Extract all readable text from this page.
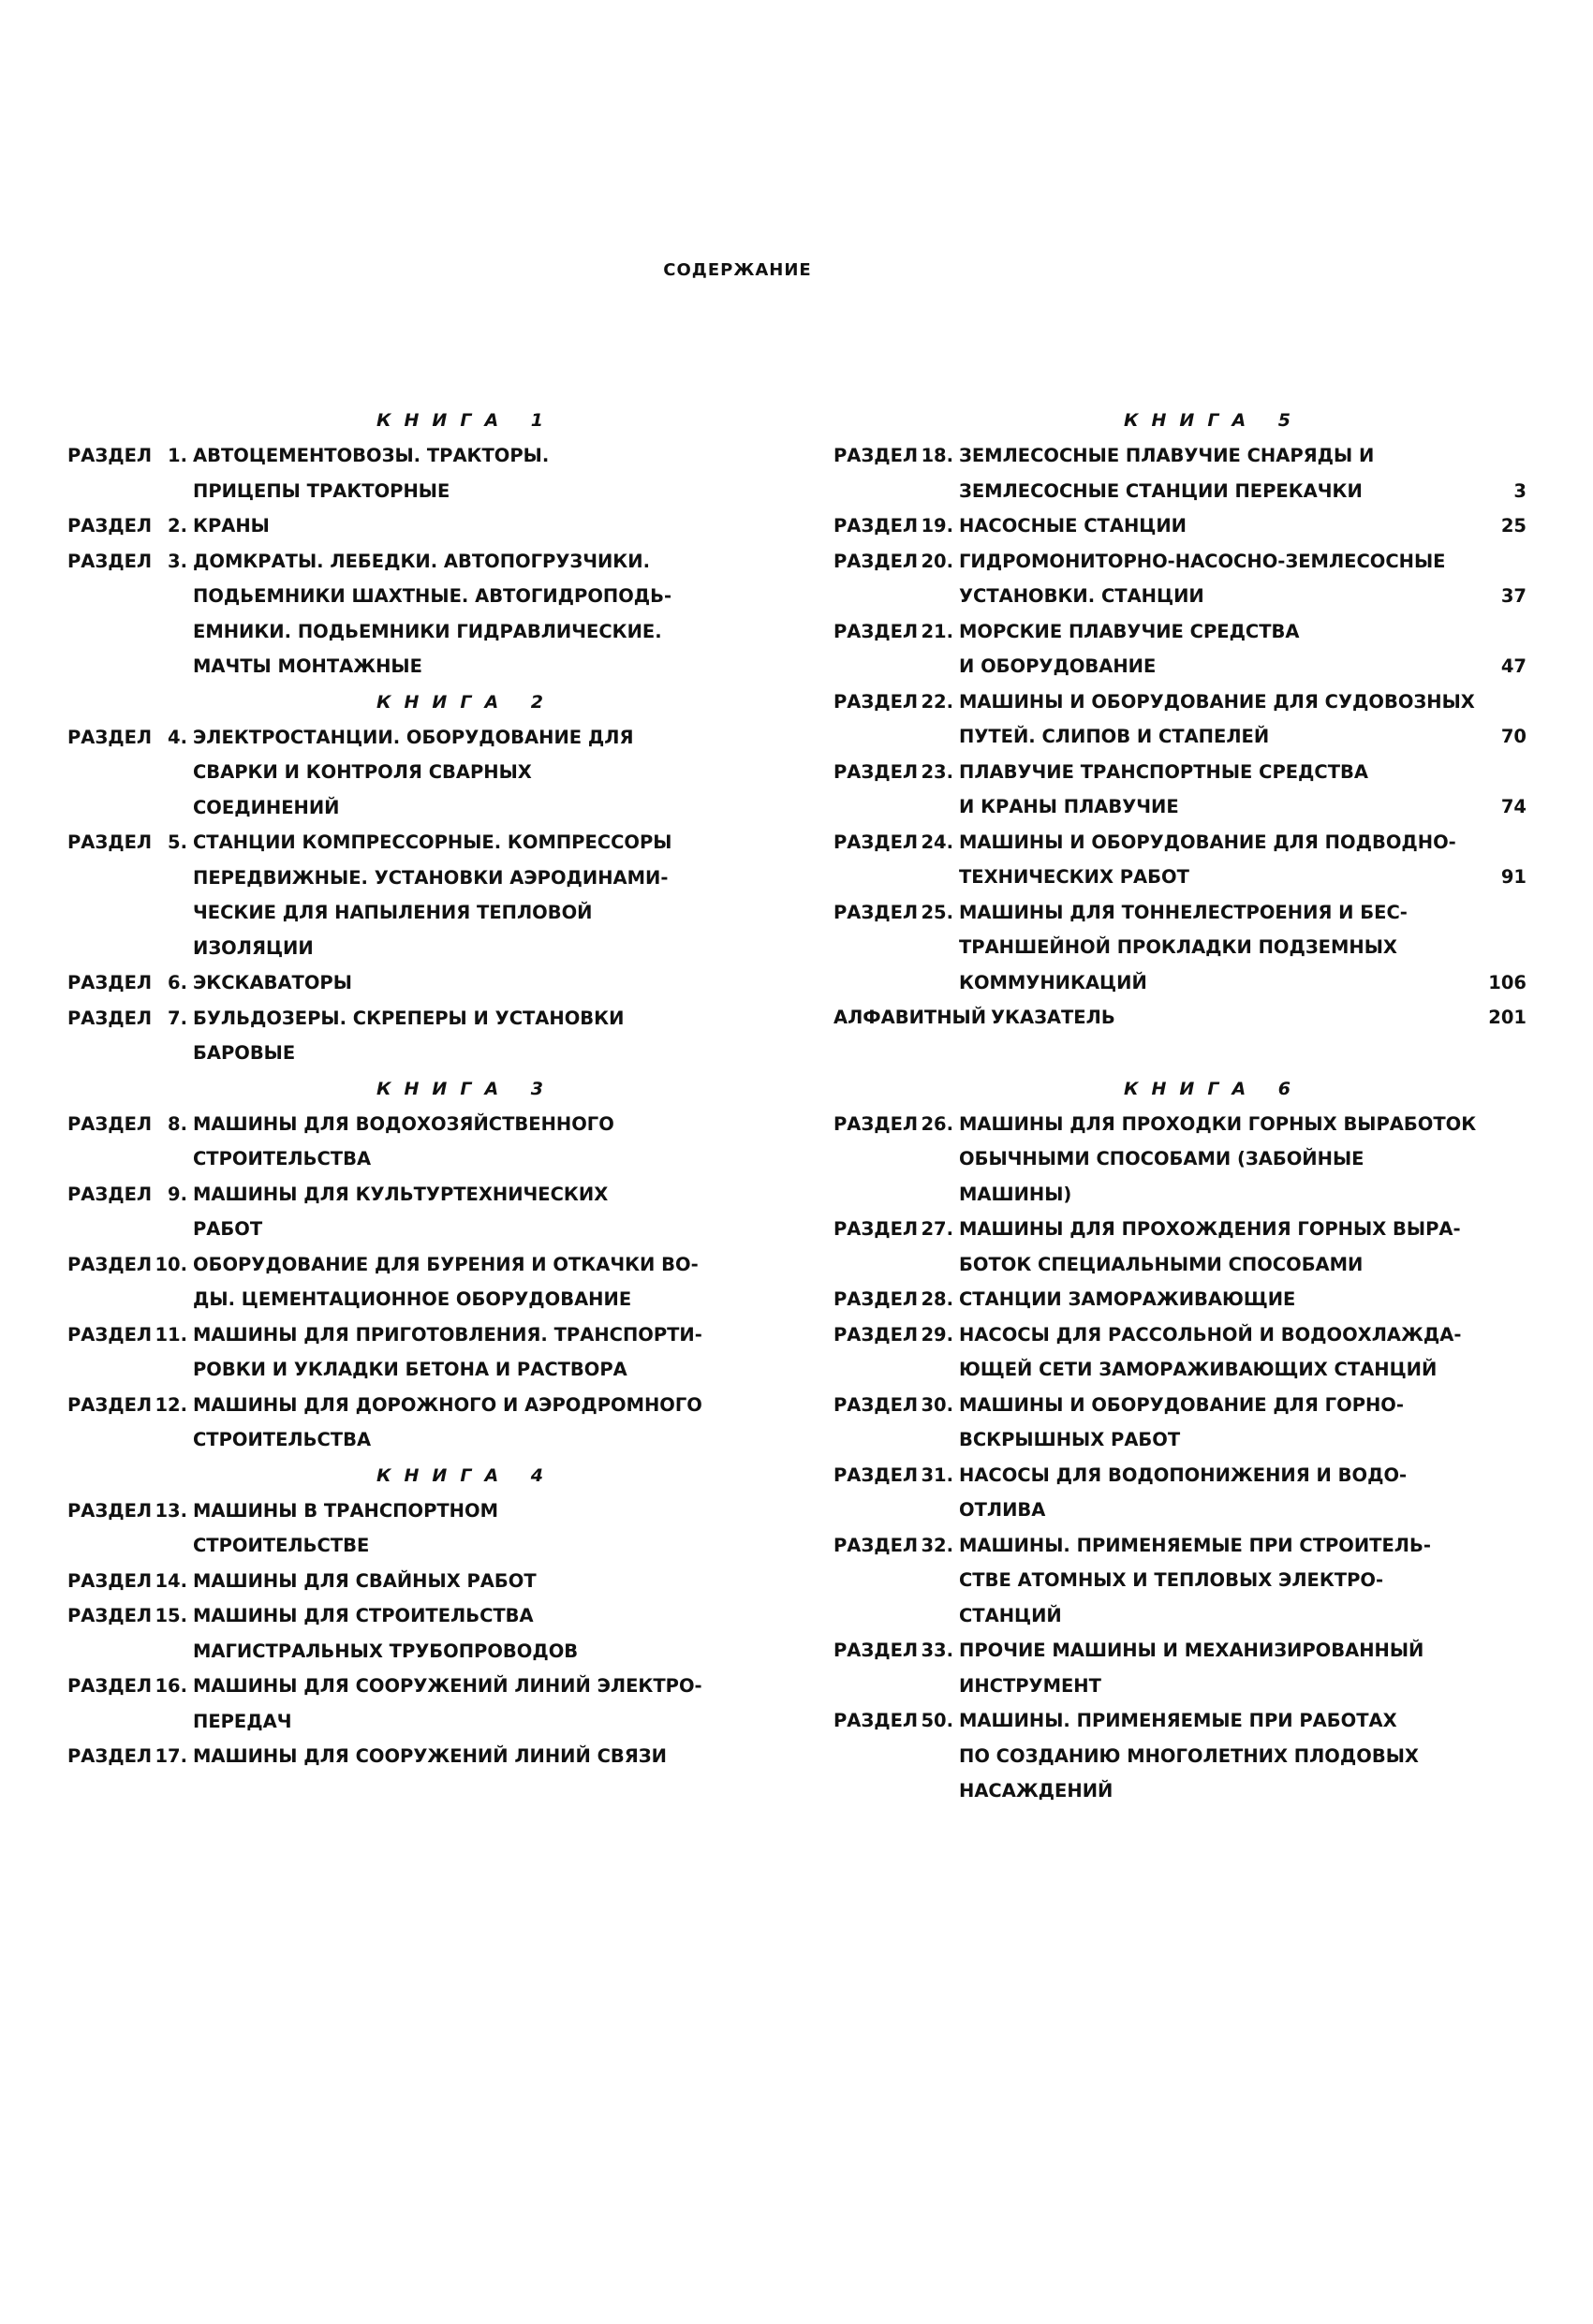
СОДЕРЖАНИЕ
КНИГА 1
РАЗДЕЛ 1. АВТОЦЕМЕНТОВОЗЫ. ТРАКТОРЫ.
ПРИЦЕПЫ ТРАКТОРНЫЕ
РАЗДЕЛ 2. КРАНЫ
РАЗДЕЛ 3. ДОМКРАТЫ. ЛЕБЕДКИ. АВТОПОГРУЗЧИКИ.
ПОДЬЕМНИКИ ШАХТНЫЕ. АВТОГИДРОПОДЬ-
ЕМНИКИ. ПОДЬЕМНИКИ ГИДРАВЛИЧЕСКИЕ.
МАЧТЫ МОНТАЖНЫЕ
КНИГА 2
РАЗДЕЛ 4. ЭЛЕКТРОСТАНЦИИ. ОБОРУДОВАНИЕ ДЛЯ
СВАРКИ И КОНТРОЛЯ СВАРНЫХ
СОЕДИНЕНИЙ
РАЗДЕЛ 5. СТАНЦИИ КОМПРЕССОРНЫЕ. КОМПРЕССОРЫ
ПЕРЕДВИЖНЫЕ. УСТАНОВКИ АЭРОДИНАМИ-
ЧЕСКИЕ ДЛЯ НАПЫЛЕНИЯ ТЕПЛОВОЙ
ИЗОЛЯЦИИ
РАЗДЕЛ 6. ЭКСКАВАТОРЫ
РАЗДЕЛ 7. БУЛЬДОЗЕРЫ. СКРЕПЕРЫ И УСТАНОВКИ
БАРОВЫЕ
КНИГА 3
РАЗДЕЛ 8. МАШИНЫ ДЛЯ ВОДОХОЗЯЙСТВЕННОГО
СТРОИТЕЛЬСТВА
РАЗДЕЛ 9. МАШИНЫ ДЛЯ КУЛЬТУРТЕХНИЧЕСКИХ
РАБОТ
РАЗДЕЛ 10. ОБОРУДОВАНИЕ ДЛЯ БУРЕНИЯ И ОТКАЧКИ ВО-
ДЫ. ЦЕМЕНТАЦИОННОЕ ОБОРУДОВАНИЕ
РАЗДЕЛ 11. МАШИНЫ ДЛЯ ПРИГОТОВЛЕНИЯ. ТРАНСПОРТИ-
РОВКИ И УКЛАДКИ БЕТОНА И РАСТВОРА
РАЗДЕЛ 12. МАШИНЫ ДЛЯ ДОРОЖНОГО И АЭРОДРОМНОГО
СТРОИТЕЛЬСТВА
КНИГА 4
РАЗДЕЛ 13. МАШИНЫ В ТРАНСПОРТНОМ
СТРОИТЕЛЬСТВЕ
РАЗДЕЛ 14. МАШИНЫ ДЛЯ СВАЙНЫХ РАБОТ
РАЗДЕЛ 15. МАШИНЫ ДЛЯ СТРОИТЕЛЬСТВА
МАГИСТРАЛЬНЫХ ТРУБОПРОВОДОВ
РАЗДЕЛ 16. МАШИНЫ ДЛЯ СООРУЖЕНИЙ ЛИНИЙ ЭЛЕКТРО-
ПЕРЕДАЧ
РАЗДЕЛ 17. МАШИНЫ ДЛЯ СООРУЖЕНИЙ ЛИНИЙ СВЯЗИ
КНИГА 5
РАЗДЕЛ 18. ЗЕМЛЕСОСНЫЕ ПЛАВУЧИЕ СНАРЯДЫ И
ЗЕМЛЕСОСНЫЕ СТАНЦИИ ПЕРЕКАЧКИ	3
РАЗДЕЛ 19. НАСОСНЫЕ СТАНЦИИ	25
РАЗДЕЛ 20. ГИДРОМОНИТОРНО-НАСОСНО-ЗЕМЛЕСОСНЫЕ
УСТАНОВКИ. СТАНЦИИ	37
РАЗДЕЛ 21. МОРСКИЕ ПЛАВУЧИЕ СРЕДСТВА
И ОБОРУДОВАНИЕ	47
РАЗДЕЛ 22. МАШИНЫ И ОБОРУДОВАНИЕ ДЛЯ СУДОВОЗНЫХ
ПУТЕЙ. СЛИПОВ И СТАПЕЛЕЙ	70
РАЗДЕЛ 23. ПЛАВУЧИЕ ТРАНСПОРТНЫЕ СРЕДСТВА
И КРАНЫ ПЛАВУЧИЕ	74
РАЗДЕЛ 24. МАШИНЫ И ОБОРУДОВАНИЕ ДЛЯ ПОДВОДНО-
ТЕХНИЧЕСКИХ РАБОТ	91
РАЗДЕЛ 25. МАШИНЫ ДЛЯ ТОННЕЛЕСТРОЕНИЯ И БЕС-
ТРАНШЕЙНОЙ ПРОКЛАДКИ ПОДЗЕМНЫХ
КОММУНИКАЦИЙ	106
АЛФАВИТНЫЙ УКАЗАТЕЛЬ	201
КНИГА 6
РАЗДЕЛ 26. МАШИНЫ ДЛЯ ПРОХОДКИ ГОРНЫХ ВЫРАБОТОК
ОБЫЧНЫМИ СПОСОБАМИ (ЗАБОЙНЫЕ
МАШИНЫ)
РАЗДЕЛ 27. МАШИНЫ ДЛЯ ПРОХОЖДЕНИЯ ГОРНЫХ ВЫРА-
БОТОК СПЕЦИАЛЬНЫМИ СПОСОБАМИ
РАЗДЕЛ 28. СТАНЦИИ ЗАМОРАЖИВАЮЩИЕ
РАЗДЕЛ 29. НАСОСЫ ДЛЯ РАССОЛЬНОЙ И ВОДООХЛАЖДА-
ЮЩЕЙ СЕТИ ЗАМОРАЖИВАЮЩИХ СТАНЦИЙ
РАЗДЕЛ 30. МАШИНЫ И ОБОРУДОВАНИЕ ДЛЯ ГОРНО-
ВСКРЫШНЫХ РАБОТ
РАЗДЕЛ 31. НАСОСЫ ДЛЯ ВОДОПОНИЖЕНИЯ И ВОДО-
ОТЛИВА
РАЗДЕЛ 32. МАШИНЫ. ПРИМЕНЯЕМЫЕ ПРИ СТРОИТЕЛЬ-
СТВЕ АТОМНЫХ И ТЕПЛОВЫХ ЭЛЕКТРО-
СТАНЦИЙ
РАЗДЕЛ 33. ПРОЧИЕ МАШИНЫ И МЕХАНИЗИРОВАННЫЙ
ИНСТРУМЕНТ
РАЗДЕЛ 50. МАШИНЫ. ПРИМЕНЯЕМЫЕ ПРИ РАБОТАХ
ПО СОЗДАНИЮ МНОГОЛЕТНИХ ПЛОДОВЫХ
НАСАЖДЕНИЙ
